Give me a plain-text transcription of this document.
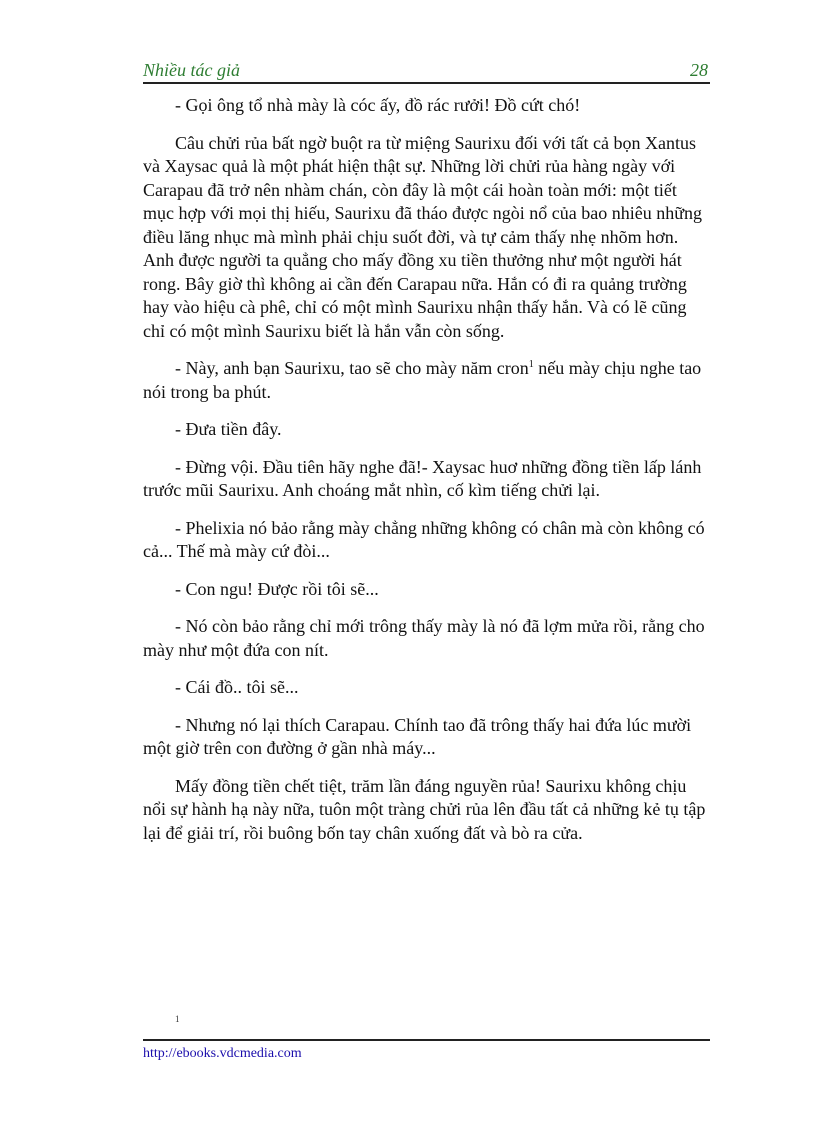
Nhiều tác giả	28

- Gọi ông tổ nhà mày là cóc ấy, đồ rác rưởi! Đồ cứt chó!

Câu chửi rủa bất ngờ buột ra từ miệng Saurixu đối với tất cả bọn Xantus và Xaysac quả là một phát hiện thật sự. Những lời chửi rủa hàng ngày với Carapau đã trở nên nhàm chán, còn đây là một cái hoàn toàn mới: một tiết mục hợp với mọi thị hiếu, Saurixu đã tháo được ngòi nổ của bao nhiêu những điều lăng nhục mà mình phải chịu suốt đời, và tự cảm thấy nhẹ nhõm hơn. Anh được người ta quẳng cho mấy đồng xu tiền thưởng như một người hát rong. Bây giờ thì không ai cần đến Carapau nữa. Hắn có đi ra quảng trường hay vào hiệu cà phê, chỉ có một mình Saurixu nhận thấy hắn. Và có lẽ cũng chỉ có một mình Saurixu biết là hắn vẫn còn sống.

- Này, anh bạn Saurixu, tao sẽ cho mày năm cron$^1$ nếu mày chịu nghe tao nói trong ba phút.

- Đưa tiền đây.

- Đừng vội. Đầu tiên hãy nghe đã!- Xaysac huơ những đồng tiền lấp lánh trước mũi Saurixu. Anh choáng mắt nhìn, cố kìm tiếng chửi lại.

- Phelixia nó bảo rằng mày chẳng những không có chân mà còn không có cả... Thế mà mày cứ đòi...

- Con ngu! Được rồi tôi sẽ...

- Nó còn bảo rằng chỉ mới trông thấy mày là nó đã lợm mửa rồi, rằng cho mày như một đứa con nít.

- Cái đồ.. tôi sẽ...

- Nhưng nó lại thích Carapau. Chính tao đã trông thấy hai đứa lúc mười một giờ trên con đường ở gần nhà máy...

Mấy đồng tiền chết tiệt, trăm lần đáng nguyền rủa! Saurixu không chịu nổi sự hành hạ này nữa, tuôn một tràng chửi rủa lên đầu tất cả những kẻ tụ tập lại để giải trí, rồi buông bốn tay chân xuống đất và bò ra cửa.

1
http://ebooks.vdcmedia.com
